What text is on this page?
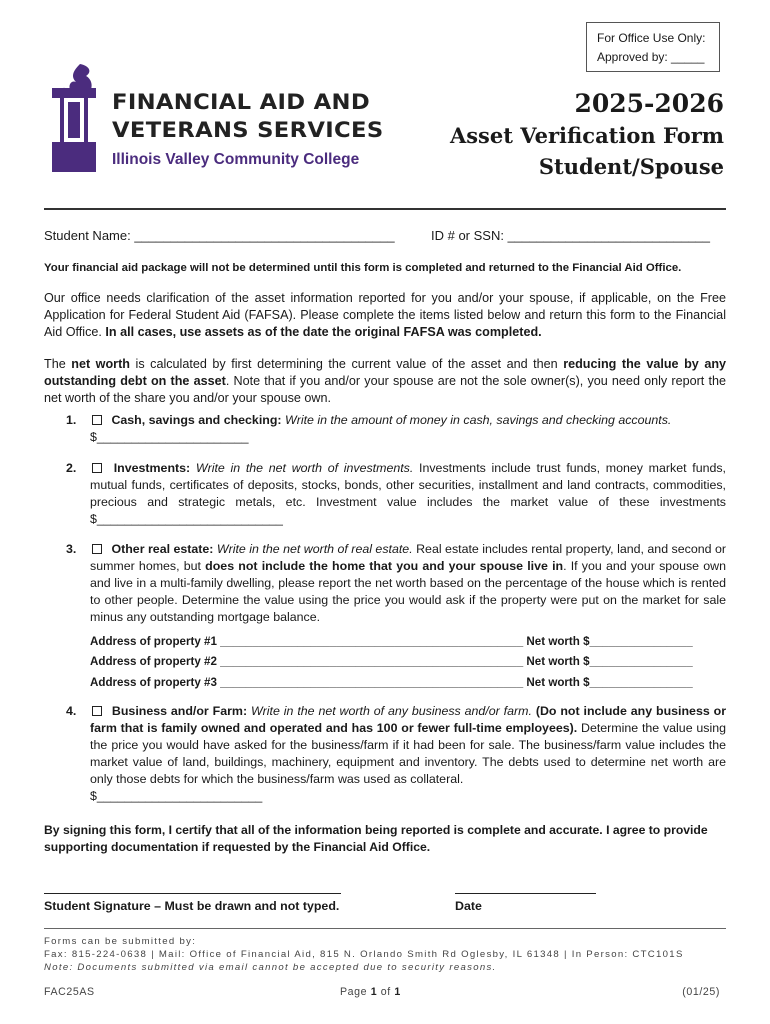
For Office Use Only:
Approved by: _____
FINANCIAL AID AND
VETERANS SERVICES
Illinois Valley Community College
2025-2026
Asset Verification Form
Student/Spouse
Student Name: ____________________________________	ID # or SSN: ____________________________
Your financial aid package will not be determined until this form is completed and returned to the Financial Aid Office.
Our office needs clarification of the asset information reported for you and/or your spouse, if applicable, on the Free Application for Federal Student Aid (FAFSA). Please complete the items listed below and return this form to the Financial Aid Office. In all cases, use assets as of the date the original FAFSA was completed.
The net worth is calculated by first determining the current value of the asset and then reducing the value by any outstanding debt on the asset. Note that if you and/or your spouse are not the sole owner(s), you need only report the net worth of the share you and/or your spouse own.
1.	Cash, savings and checking: Write in the amount of money in cash, savings and checking accounts.
$______________________
2.	Investments: Write in the net worth of investments. Investments include trust funds, money market funds, mutual funds, certificates of deposits, stocks, bonds, other securities, installment and land contracts, commodities, precious and strategic metals, etc. Investment value includes the market value of these investments $___________________________
3.	Other real estate: Write in the net worth of real estate. Real estate includes rental property, land, and second or summer homes, but does not include the home that you and your spouse live in. If you and your spouse own and live in a multi-family dwelling, please report the net worth based on the percentage of the house which is rented to other people. Determine the value using the price you would ask if the property were put on the market for sale minus any outstanding mortgage balance.
Address of property #1 _______________________________________________ Net worth $________________
Address of property #2 _______________________________________________ Net worth $________________
Address of property #3 _______________________________________________ Net worth $________________
4.	Business and/or Farm: Write in the net worth of any business and/or farm. (Do not include any business or farm that is family owned and operated and has 100 or fewer full-time employees). Determine the value using the price you would have asked for the business/farm if it had been for sale. The business/farm value includes the market value of land, buildings, machinery, equipment and inventory. The debts used to determine net worth are only those debts for which the business/farm was used as collateral.
$________________________
By signing this form, I certify that all of the information being reported is complete and accurate. I agree to provide supporting documentation if requested by the Financial Aid Office.
Student Signature – Must be drawn and not typed.	Date
Forms can be submitted by:
Fax: 815-224-0638 | Mail: Office of Financial Aid, 815 N. Orlando Smith Rd Oglesby, IL 61348 | In Person: CTC101S
Note: Documents submitted via email cannot be accepted due to security reasons.
FAC25AS	Page 1 of 1	(01/25)
